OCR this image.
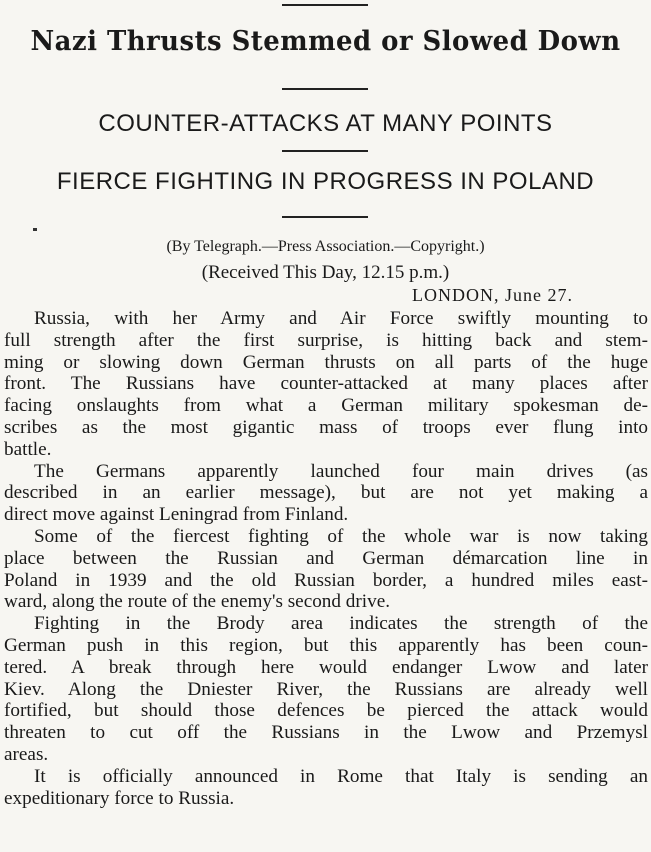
Nazi Thrusts Stemmed or Slowed Down
COUNTER-ATTACKS AT MANY POINTS
FIERCE FIGHTING IN PROGRESS IN POLAND
(By Telegraph.—Press Association.—Copyright.)
(Received This Day, 12.15 p.m.)
LONDON, June 27.
Russia, with her Army and Air Force swiftly mounting to
full strength after the first surprise, is hitting back and stem-
ming or slowing down German thrusts on all parts of the huge
front. The Russians have counter-attacked at many places after
facing onslaughts from what a German military spokesman de-
scribes as the most gigantic mass of troops ever flung into
battle.
The Germans apparently launched four main drives (as
described in an earlier message), but are not yet making a
direct move against Leningrad from Finland.
Some of the fiercest fighting of the whole war is now taking
place between the Russian and German démarcation line in
Poland in 1939 and the old Russian border, a hundred miles east-
ward, along the route of the enemy's second drive.
Fighting in the Brody area indicates the strength of the
German push in this region, but this apparently has been coun-
tered. A break through here would endanger Lwow and later
Kiev. Along the Dniester River, the Russians are already well
fortified, but should those defences be pierced the attack would
threaten to cut off the Russians in the Lwow and Przemysl
areas.
It is officially announced in Rome that Italy is sending an
expeditionary force to Russia.
